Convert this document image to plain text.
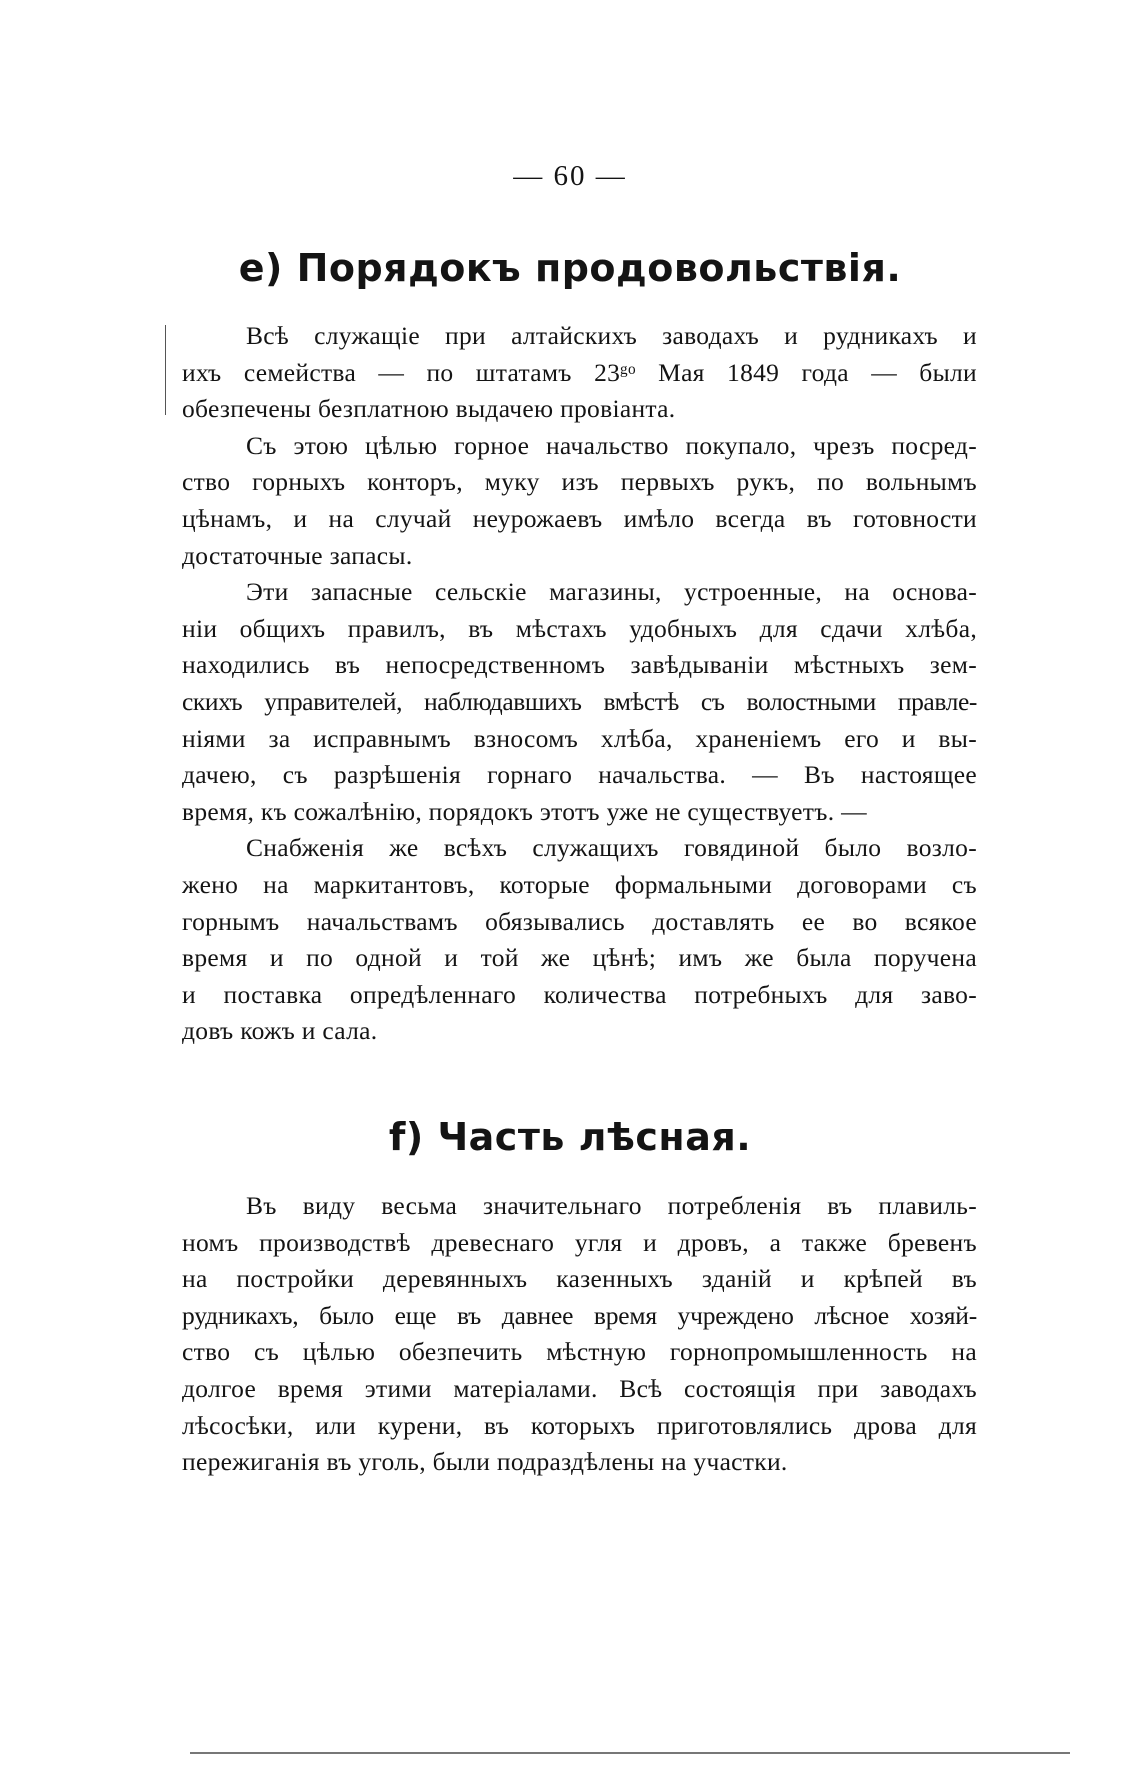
— 60 —
е) Порядокъ продовольствія.
Всѣ служащіе при алтайскихъ заводахъ и рудникахъ и
ихъ семейства — по штатамъ 23ᵍᵒ Мая 1849 года — были
обезпечены безплатною выдачею провіанта.
Съ этою цѣлью горное начальство покупало, чрезъ посред-
ство горныхъ конторъ, муку изъ первыхъ рукъ, по вольнымъ
цѣнамъ, и на случай неурожаевъ имѣло всегда въ готовности
достаточные запасы.
Эти запасные сельскіе магазины, устроенные, на основа-
ніи общихъ правилъ, въ мѣстахъ удобныхъ для сдачи хлѣба,
находились въ непосредственномъ завѣдываніи мѣстныхъ зем-
скихъ управителей, наблюдавшихъ вмѣстѣ съ волостными правле-
ніями за исправнымъ взносомъ хлѣба, храненіемъ его и вы-
дачею, съ разрѣшенія горнаго начальства. — Въ настоящее
время, къ сожалѣнію, порядокъ этотъ уже не существуетъ. —
Снабженія же всѣхъ служащихъ говядиной было возло-
жено на маркитантовъ, которые формальными договорами съ
горнымъ начальствамъ обязывались доставлять ее во всякое
время и по одной и той же цѣнѣ; имъ же была поручена
и поставка опредѣленнаго количества потребныхъ для заво-
довъ кожъ и сала.
f) Часть лѣсная.
Въ виду весьма значительнаго потребленія въ плавиль-
номъ производствѣ древеснаго угля и дровъ, а также бревенъ
на постройки деревянныхъ казенныхъ зданій и крѣпей въ
рудникахъ, было еще въ давнее время учреждено лѣсное хозяй-
ство съ цѣлью обезпечить мѣстную горнопромышленность на
долгое время этими матеріалами. Всѣ состоящія при заводахъ
лѣсосѣки, или курени, въ которыхъ приготовлялись дрова для
пережиганія въ уголь, были подраздѣлены на участки.
